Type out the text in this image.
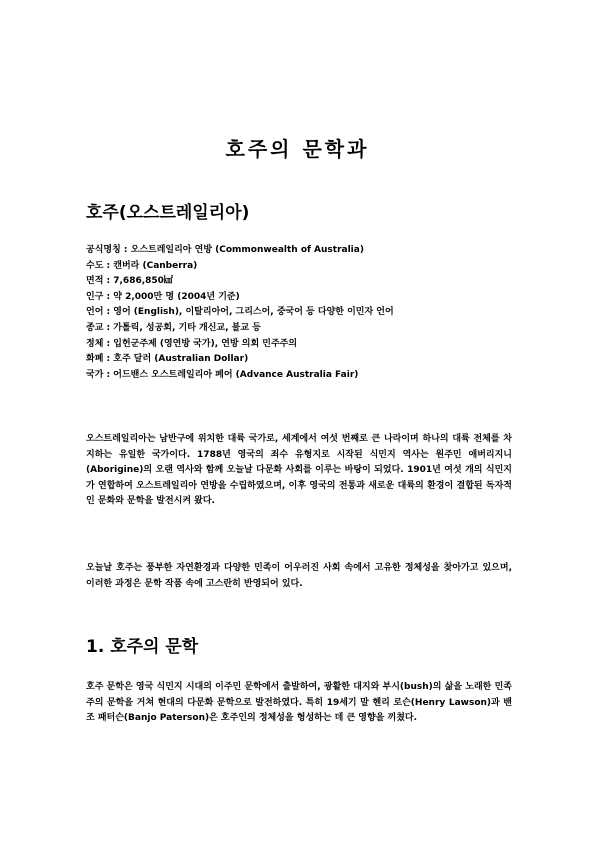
호주의 문학과
호주(오스트레일리아)
공식명칭 : 오스트레일리아 연방 (Commonwealth of Australia)
수도 : 캔버라 (Canberra)
면적 : 7,686,850㎢
인구 : 약 2,000만 명 (2004년 기준)
언어 : 영어 (English), 이탈리아어, 그리스어, 중국어 등 다양한 이민자 언어
종교 : 가톨릭, 성공회, 기타 개신교, 불교 등
정체 : 입헌군주제 (영연방 국가), 연방 의회 민주주의
화폐 : 호주 달러 (Australian Dollar)
국가 : 어드밴스 오스트레일리아 페어 (Advance Australia Fair)

오스트레일리아는 남반구에 위치한 대륙 국가로, 세계에서 여섯 번째로 큰 나라이며 하나의 대륙 전체를 차지하는 유일한 국가이다. 1788년 영국의 죄수 유형지로 시작된 식민지 역사는 원주민 애버리지니(Aborigine)의 오랜 역사와 함께 오늘날 다문화 사회를 이루는 바탕이 되었다. 1901년 여섯 개의 식민지가 연합하여 오스트레일리아 연방을 수립하였으며, 이후 영국의 전통과 새로운 대륙의 환경이 결합된 독자적인 문화와 문학을 발전시켜 왔다.

오늘날 호주는 풍부한 자연환경과 다양한 민족이 어우러진 사회 속에서 고유한 정체성을 찾아가고 있으며, 이러한 과정은 문학 작품 속에 고스란히 반영되어 있다.

1. 호주의 문학

호주 문학은 영국 식민지 시대의 이주민 문학에서 출발하여, 광활한 대지와 부시(bush)의 삶을 노래한 민족주의 문학을 거쳐 현대의 다문화 문학으로 발전하였다. 특히 19세기 말 헨리 로슨(Henry Lawson)과 밴조 패터슨(Banjo Paterson)은 호주인의 정체성을 형성하는 데 큰 영향을 끼쳤다.
